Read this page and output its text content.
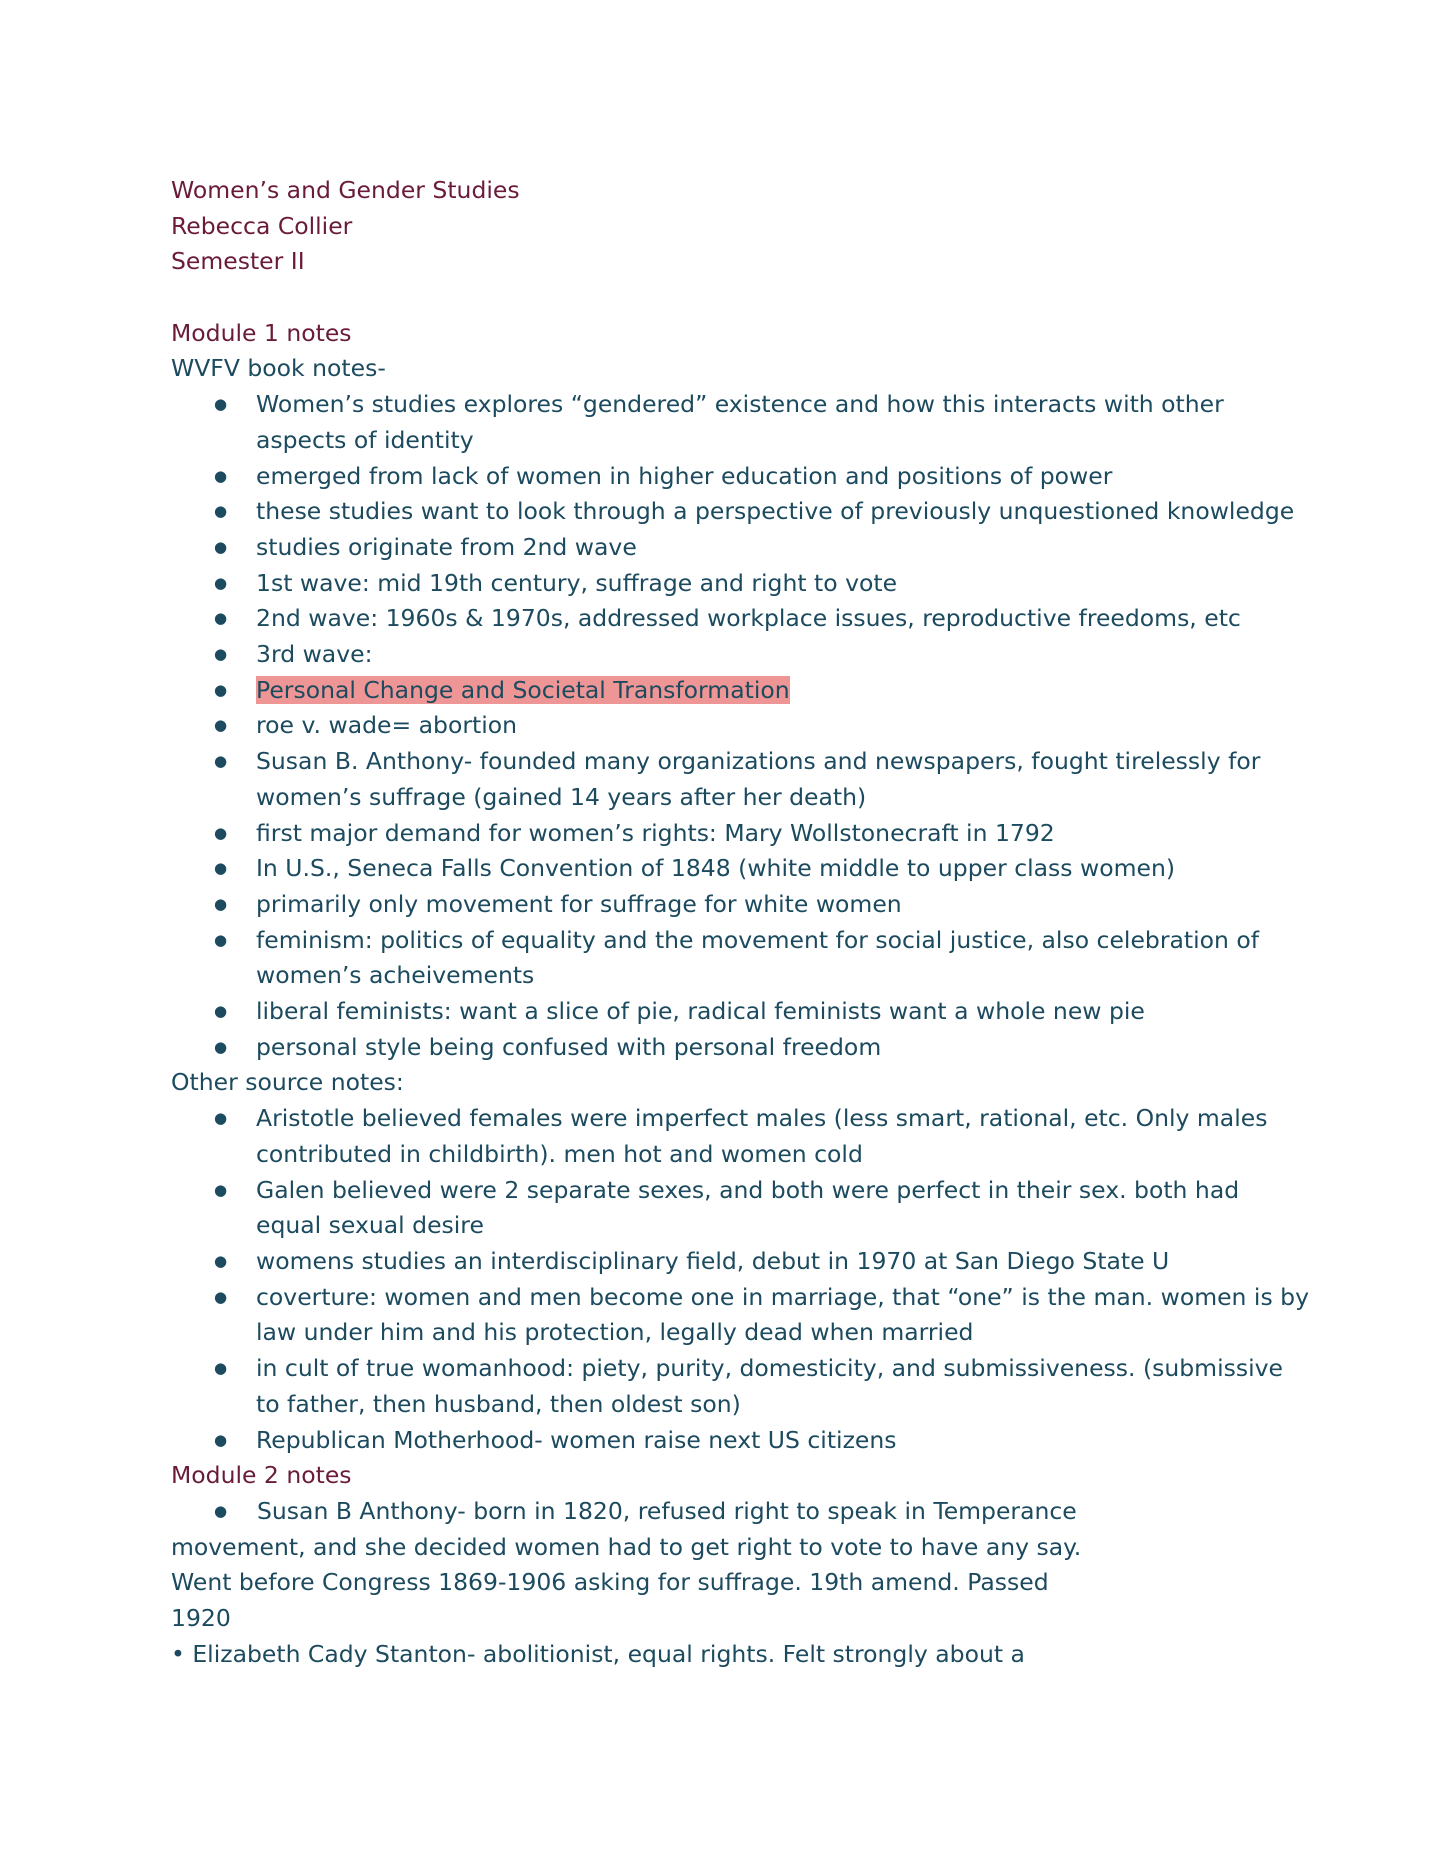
Women’s and Gender Studies
Rebecca Collier
Semester II
Module 1 notes
WVFV book notes-
● Women’s studies explores “gendered” existence and how this interacts with other aspects of identity
● emerged from lack of women in higher education and positions of power
● these studies want to look through a perspective of previously unquestioned knowledge
● studies originate from 2nd wave
● 1st wave: mid 19th century, suffrage and right to vote
● 2nd wave: 1960s & 1970s, addressed workplace issues, reproductive freedoms, etc
● 3rd wave:
● Personal Change and Societal Transformation
● roe v. wade= abortion
● Susan B. Anthony- founded many organizations and newspapers, fought tirelessly for women’s suffrage (gained 14 years after her death)
● first major demand for women’s rights: Mary Wollstonecraft in 1792
● In U.S., Seneca Falls Convention of 1848 (white middle to upper class women)
● primarily only movement for suffrage for white women
● feminism: politics of equality and the movement for social justice, also celebration of women’s acheivements
● liberal feminists: want a slice of pie, radical feminists want a whole new pie
● personal style being confused with personal freedom
Other source notes:
● Aristotle believed females were imperfect males (less smart, rational, etc. Only males contributed in childbirth). men hot and women cold
● Galen believed were 2 separate sexes, and both were perfect in their sex. both had equal sexual desire
● womens studies an interdisciplinary field, debut in 1970 at San Diego State U
● coverture: women and men become one in marriage, that “one” is the man. women is by law under him and his protection, legally dead when married
● in cult of true womanhood: piety, purity, domesticity, and submissiveness. (submissive to father, then husband, then oldest son)
● Republican Motherhood- women raise next US citizens
Module 2 notes
● Susan B Anthony- born in 1820, refused right to speak in Temperance
movement, and she decided women had to get right to vote to have any say.
Went before Congress 1869-1906 asking for suffrage. 19th amend. Passed
1920
• Elizabeth Cady Stanton- abolitionist, equal rights. Felt strongly about a
